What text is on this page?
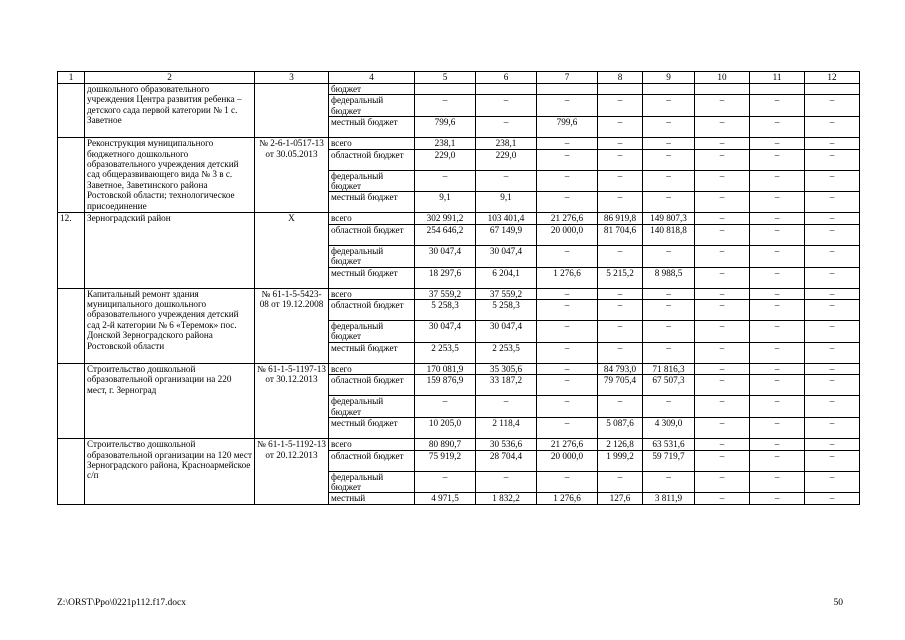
1	2	3	4	5	6	7	8	9	10	11	12
	дошкольного образовательного учреждения Центра развития ребенка – детского сада первой категории № 1 с. Заветное		бюджет								
			федеральный бюджет	–	–	–	–	–	–	–	–
			местный бюджет	799,6	–	799,6	–	–	–	–	–
	Реконструкция муниципального бюджетного дошкольного образовательного учреждения детский сад общеразвивающего вида № 3 в с. Заветное, Заветинского района Ростовской области; технологическое присоединение	№ 2-6-1-0517-13 от 30.05.2013	всего	238,1	238,1	–	–	–	–	–	–
			областной бюджет	229,0	229,0	–	–	–	–	–	–
			федеральный бюджет	–	–	–	–	–	–	–	–
			местный бюджет	9,1	9,1	–	–	–	–	–	–
12.	Зерноградский район	X	всего	302 991,2	103 401,4	21 276,6	86 919,8	149 807,3	–	–	–
			областной бюджет	254 646,2	67 149,9	20 000,0	81 704,6	140 818,8	–	–	–
			федеральный бюджет	30 047,4	30 047,4	–	–	–	–	–	–
			местный бюджет	18 297,6	6 204,1	1 276,6	5 215,2	8 988,5	–	–	–
	Капитальный ремонт здания муниципального дошкольного образовательного учреждения детский сад 2-й категории № 6 «Теремок» пос. Донской Зерноградского района Ростовской области	№ 61-1-5-5423-08 от 19.12.2008	всего	37 559,2	37 559,2	–	–	–	–	–	–
			областной бюджет	5 258,3	5 258,3	–	–	–	–	–	–
			федеральный бюджет	30 047,4	30 047,4	–	–	–	–	–	–
			местный бюджет	2 253,5	2 253,5	–	–	–	–	–	–
	Строительство дошкольной образовательной организации на 220 мест, г. Зерноград	№ 61-1-5-1197-13 от 30.12.2013	всего	170 081,9	35 305,6	–	84 793,0	71 816,3	–	–	–
			областной бюджет	159 876,9	33 187,2	–	79 705,4	67 507,3	–	–	–
			федеральный бюджет	–	–	–	–	–	–	–	–
			местный бюджет	10 205,0	2 118,4	–	5 087,6	4 309,0	–	–	–
	Строительство дошкольной образовательной организации на 120 мест Зерноградского района, Красноармейское с/п	№ 61-1-5-1192-13 от 20.12.2013	всего	80 890,7	30 536,6	21 276,6	2 126,8	63 531,6	–	–	–
			областной бюджет	75 919,2	28 704,4	20 000,0	1 999,2	59 719,7	–	–	–
			федеральный бюджет	–	–	–	–	–	–	–	–
			местный	4 971,5	1 832,2	1 276,6	127,6	3 811,9	–	–	–
Z:\ORST\Ppo\0221p112.f17.docx	50
